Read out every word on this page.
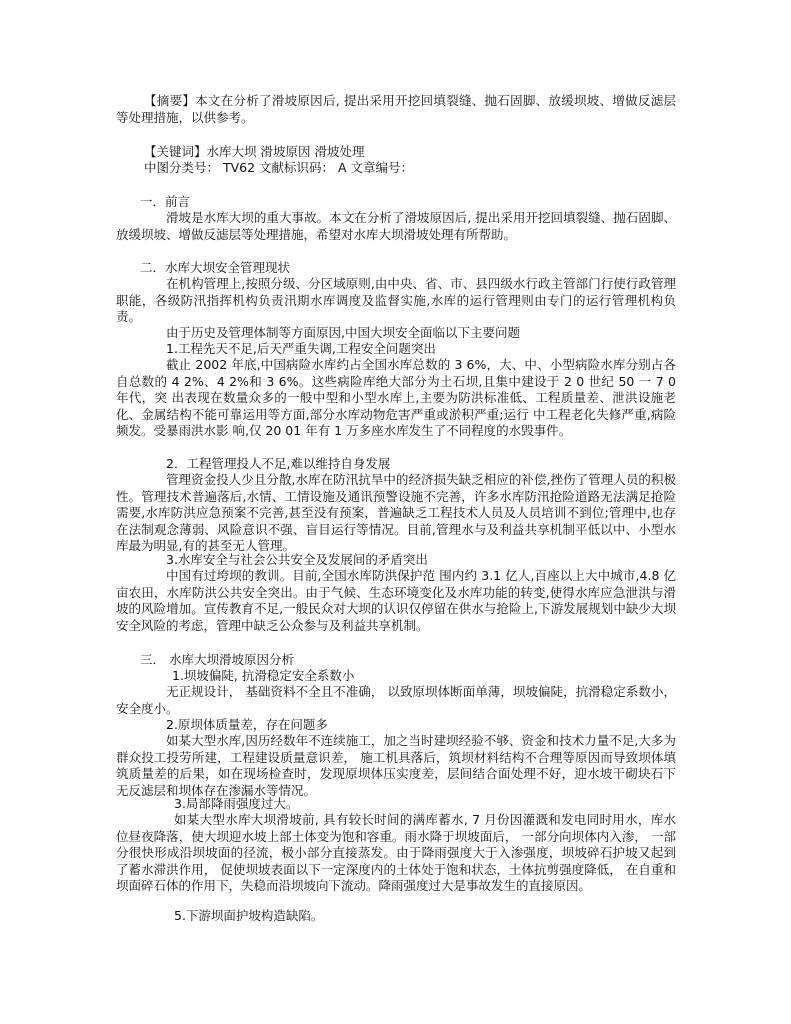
【摘要】本文在分析了滑坡原因后, 提出采用开挖回填裂缝、抛石固脚、放缓坝坡、增做反滤层等处理措施，以供参考。
【关键词】水库大坝 滑坡原因 滑坡处理
中图分类号： TV62 文献标识码： A 文章编号：
一．前言
滑坡是水库大坝的重大事故。本文在分析了滑坡原因后, 提出采用开挖回填裂缝、抛石固脚、放缓坝坡、增做反滤层等处理措施，希望对水库大坝滑坡处理有所帮助。
二．水库大坝安全管理现状
在机构管理上,按照分级、分区域原则,由中央、省、市、县四级水行政主管部门行使行政管理职能，各级防汛指挥机构负责汛期水库调度及监督实施,水库的运行管理则由专门的运行管理机构负责。
由于历史及管理体制等方面原因,中国大坝安全面临以下主要问题
1.工程先天不足,后天严重失调,工程安全问题突出
截止 2002 年底,中国病险水库约占全国水库总数的 3 6%，大、中、小型病险水库分别占各自总数的 4 2%、4 2%和 3 6%。这些病险库绝大部分为土石坝,且集中建设于 2 0 世纪 50 一 7 0 年代，突 出表现在数量众多的一般中型和小型水库上,主要为防洪标准低、工程质量差、泄洪设施老化、金属结构不能可靠运用等方面,部分水库动物危害严重或淤积严重;运行 中工程老化失修严重,病险频发。受暴雨洪水影 响,仅 20 01 年有 1 万多座水库发生了不同程度的水毁事件。
2．工程管理投人不足,难以维持自身发展
管理资金投人少且分散,水库在防汛抗旱中的经济损失缺乏相应的补偿,挫伤了管理人员的积极性。管理技术普遍落后,水情、工情设施及通讯预警设施不完善，许多水库防汛抢险道路无法满足抢险需要,水库防洪应急预案不完善,甚至没有预案，普遍缺乏工程技术人员及人员培训不到位;管理中,也存在法制观念薄弱、风险意识不强、盲目运行等情况。目前,管理水与及利益共享机制平低以中、小型水库最为明显,有的甚至无人管理。
3.水库安全与社会公共安全及发展间的矛盾突出
中国有过垮坝的教训。目前,全国水库防洪保护范 围内约 3.1 亿人,百座以上大中城市,4.8 亿亩农田，水库防洪公共安全突出。由于气候、生态环境变化及水库功能的转变,使得水库应急泄洪与滑坡的风险增加。宣传教育不足,一般民众对大坝的认识仅停留在供水与抢险上,下游发展规划中缺少大坝安全风险的考虑，管理中缺乏公众参与及利益共享机制。
三． 水库大坝滑坡原因分析
1.坝坡偏陡, 抗滑稳定安全系数小
无正规设计， 基础资料不全且不准确， 以致原坝体断面单薄，坝坡偏陡，抗滑稳定系数小， 安全度小。
2.原坝体质量差，存在问题多
如某大型水库,因历经数年不连续施工，加之当时建坝经验不够、资金和技术力量不足,大多为群众投工投劳所建，工程建设质量意识差， 施工机具落后，筑坝材料结构不合理等原因而导致坝体填筑质量差的后果，如在现场检查时，发现原坝体压实度差，层间结合面处理不好，迎水坡干砌块石下无反滤层和坝体存在渗漏水等情况。
3.局部降雨强度过大。
如某大型水库大坝滑坡前, 具有较长时间的满库蓄水, 7 月份因灌溉和发电同时用水，库水位昼夜降落，使大坝迎水坡上部土体变为饱和容重。雨水降于坝坡面后， 一部分向坝体内入渗， 一部分很快形成沿坝坡面的径流，极小部分直接蒸发。由于降雨强度大于入渗强度，坝坡碎石护坡又起到了蓄水滞洪作用， 促使坝坡表面以下一定深度内的土体处于饱和状态，土体抗剪强度降低， 在自重和坝面碎石体的作用下，失稳而沿坝坡向下流动。降雨强度过大是事故发生的直接原因。
5.下游坝面护坡构造缺陷。
